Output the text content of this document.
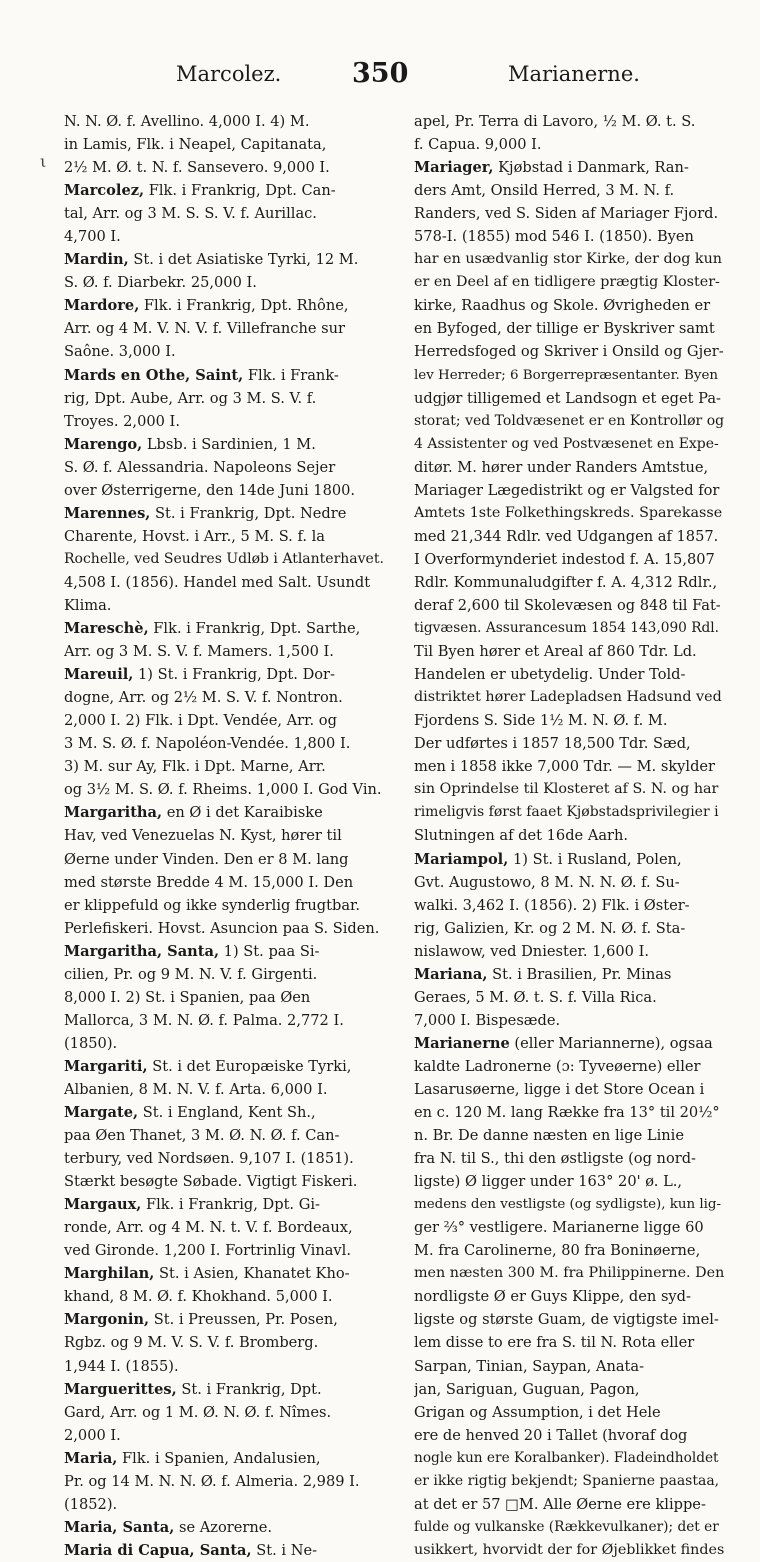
Marcolez.	350	Marianerne.
N. N. Ø. f. Avellino. 4,000 I. 4) M.
in Lamis, Flk. i Neapel, Capitanata,
2½ M. Ø. t. N. f. Sansevero. 9,000 I.
Marcolez, Flk. i Frankrig, Dpt. Can-
tal, Arr. og 3 M. S. S. V. f. Aurillac.
4,700 I.
Mardin, St. i det Asiatiske Tyrki, 12 M.
S. Ø. f. Diarbekr. 25,000 I.
Mardore, Flk. i Frankrig, Dpt. Rhône,
Arr. og 4 M. V. N. V. f. Villefranche sur
Saône. 3,000 I.
Mards en Othe, Saint, Flk. i Frank-
rig, Dpt. Aube, Arr. og 3 M. S. V. f.
Troyes. 2,000 I.
Marengo, Lbsb. i Sardinien, 1 M.
S. Ø. f. Alessandria. Napoleons Sejer
over Østerrigerne, den 14de Juni 1800.
Marennes, St. i Frankrig, Dpt. Nedre
Charente, Hovst. i Arr., 5 M. S. f. la
Rochelle, ved Seudres Udløb i Atlanterhavet.
4,508 I. (1856). Handel med Salt. Usundt
Klima.
Mareschè, Flk. i Frankrig, Dpt. Sarthe,
Arr. og 3 M. S. V. f. Mamers. 1,500 I.
Mareuil, 1) St. i Frankrig, Dpt. Dor-
dogne, Arr. og 2½ M. S. V. f. Nontron.
2,000 I. 2) Flk. i Dpt. Vendée, Arr. og
3 M. S. Ø. f. Napoléon-Vendée. 1,800 I.
3) M. sur Ay, Flk. i Dpt. Marne, Arr.
og 3½ M. S. Ø. f. Rheims. 1,000 I. God Vin.
Margaritha, en Ø i det Karaibiske
Hav, ved Venezuelas N. Kyst, hører til
Øerne under Vinden. Den er 8 M. lang
med største Bredde 4 M. 15,000 I. Den
er klippefuld og ikke synderlig frugtbar.
Perlefiskeri. Hovst. Asuncion paa S. Siden.
Margaritha, Santa, 1) St. paa Si-
cilien, Pr. og 9 M. N. V. f. Girgenti.
8,000 I. 2) St. i Spanien, paa Øen
Mallorca, 3 M. N. Ø. f. Palma. 2,772 I.
(1850).
Margariti, St. i det Europæiske Tyrki,
Albanien, 8 M. N. V. f. Arta. 6,000 I.
Margate, St. i England, Kent Sh.,
paa Øen Thanet, 3 M. Ø. N. Ø. f. Can-
terbury, ved Nordsøen. 9,107 I. (1851).
Stærkt besøgte Søbade. Vigtigt Fiskeri.
Margaux, Flk. i Frankrig, Dpt. Gi-
ronde, Arr. og 4 M. N. t. V. f. Bordeaux,
ved Gironde. 1,200 I. Fortrinlig Vinavl.
Marghilan, St. i Asien, Khanatet Kho-
khand, 8 M. Ø. f. Khokhand. 5,000 I.
Margonin, St. i Preussen, Pr. Posen,
Rgbz. og 9 M. V. S. V. f. Bromberg.
1,944 I. (1855).
Marguerittes, St. i Frankrig, Dpt.
Gard, Arr. og 1 M. Ø. N. Ø. f. Nîmes.
2,000 I.
Maria, Flk. i Spanien, Andalusien,
Pr. og 14 M. N. N. Ø. f. Almeria. 2,989 I.
(1852).
Maria, Santa, se Azorerne.
Maria di Capua, Santa, St. i Ne-
apel, Pr. Terra di Lavoro, ½ M. Ø. t. S.
f. Capua. 9,000 I.
Mariager, Kjøbstad i Danmark, Ran-
ders Amt, Onsild Herred, 3 M. N. f.
Randers, ved S. Siden af Mariager Fjord.
578-I. (1855) mod 546 I. (1850). Byen
har en usædvanlig stor Kirke, der dog kun
er en Deel af en tidligere prægtig Kloster-
kirke, Raadhus og Skole. Øvrigheden er
en Byfoged, der tillige er Byskriver samt
Herredsfoged og Skriver i Onsild og Gjer-
lev Herreder; 6 Borgerrepræsentanter. Byen
udgjør tilligemed et Landsogn et eget Pa-
storat; ved Toldvæsenet er en Kontrollør og
4 Assistenter og ved Postvæsenet en Expe-
ditør. M. hører under Randers Amtstue,
Mariager Lægedistrikt og er Valgsted for
Amtets 1ste Folkethingskreds. Sparekasse
med 21,344 Rdlr. ved Udgangen af 1857.
I Overformynderiet indestod f. A. 15,807
Rdlr. Kommunaludgifter f. A. 4,312 Rdlr.,
deraf 2,600 til Skolevæsen og 848 til Fat-
tigvæsen. Assurancesum 1854 143,090 Rdl.
Til Byen hører et Areal af 860 Tdr. Ld.
Handelen er ubetydelig. Under Told-
distriktet hører Ladepladsen Hadsund ved
Fjordens S. Side 1½ M. N. Ø. f. M.
Der udførtes i 1857 18,500 Tdr. Sæd,
men i 1858 ikke 7,000 Tdr. — M. skylder
sin Oprindelse til Klosteret af S. N. og har
rimeligvis først faaet Kjøbstadsprivilegier i
Slutningen af det 16de Aarh.
Mariampol, 1) St. i Rusland, Polen,
Gvt. Augustowo, 8 M. N. N. Ø. f. Su-
walki. 3,462 I. (1856). 2) Flk. i Øster-
rig, Galizien, Kr. og 2 M. N. Ø. f. Sta-
nislawow, ved Dniester. 1,600 I.
Mariana, St. i Brasilien, Pr. Minas
Geraes, 5 M. Ø. t. S. f. Villa Rica.
7,000 I. Bispesæde.
Marianerne (eller Mariannerne), ogsaa
kaldte Ladronerne (ɔ: Tyveøerne) eller
Lasarusøerne, ligge i det Store Ocean i
en c. 120 M. lang Række fra 13° til 20½°
n. Br. De danne næsten en lige Linie
fra N. til S., thi den østligste (og nord-
ligste) Ø ligger under 163° 20' ø. L.,
medens den vestligste (og sydligste), kun lig-
ger ⅔° vestligere. Marianerne ligge 60
M. fra Carolinerne, 80 fra Boninøerne,
men næsten 300 M. fra Philippinerne. Den
nordligste Ø er Guys Klippe, den syd-
ligste og største Guam, de vigtigste imel-
lem disse to ere fra S. til N. Rota eller
Sarpan, Tinian, Saypan, Anata-
jan, Sariguan, Guguan, Pagon,
Grigan og Assumption, i det Hele
ere de henved 20 i Tallet (hvoraf dog
nogle kun ere Koralbanker). Fladeindholdet
er ikke rigtig bekjendt; Spanierne paastaa,
at det er 57 □M. Alle Øerne ere klippe-
fulde og vulkanske (Rækkevulkaner); det er
usikkert, hvorvidt der for Øjeblikket findes
ι
